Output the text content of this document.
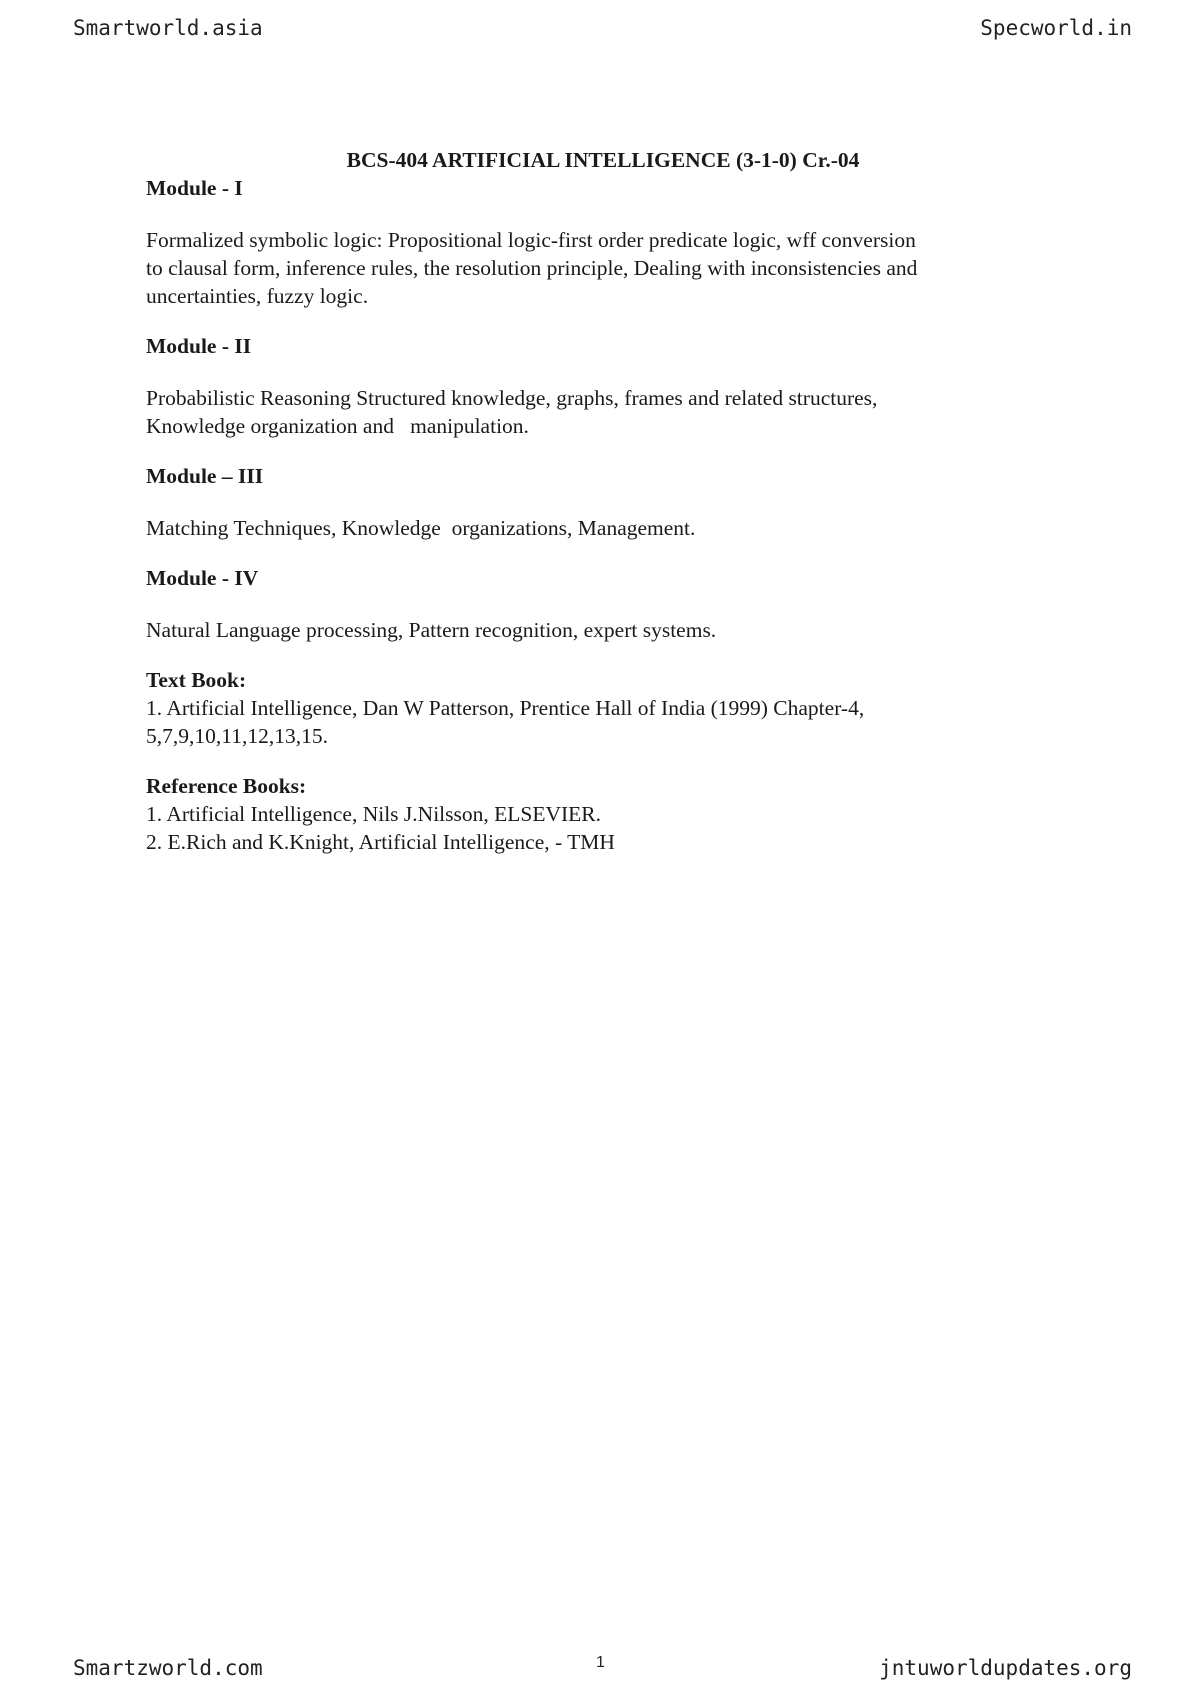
Smartworld.asia	Specworld.in
BCS-404 ARTIFICIAL INTELLIGENCE (3-1-0) Cr.-04
Module - I
Formalized symbolic logic: Propositional logic-first order predicate logic, wff conversion
to clausal form, inference rules, the resolution principle, Dealing with inconsistencies and
uncertainties, fuzzy logic.
Module - II
Probabilistic Reasoning Structured knowledge, graphs, frames and related structures,
Knowledge organization and   manipulation.
Module – III
Matching Techniques, Knowledge  organizations, Management.
Module - IV
Natural Language processing, Pattern recognition, expert systems.
Text Book:
1. Artificial Intelligence, Dan W Patterson, Prentice Hall of India (1999) Chapter-4,
5,7,9,10,11,12,13,15.
Reference Books:
1. Artificial Intelligence, Nils J.Nilsson, ELSEVIER.
2. E.Rich and K.Knight, Artificial Intelligence, - TMH
Smartzworld.com	1	jntuworldupdates.org
